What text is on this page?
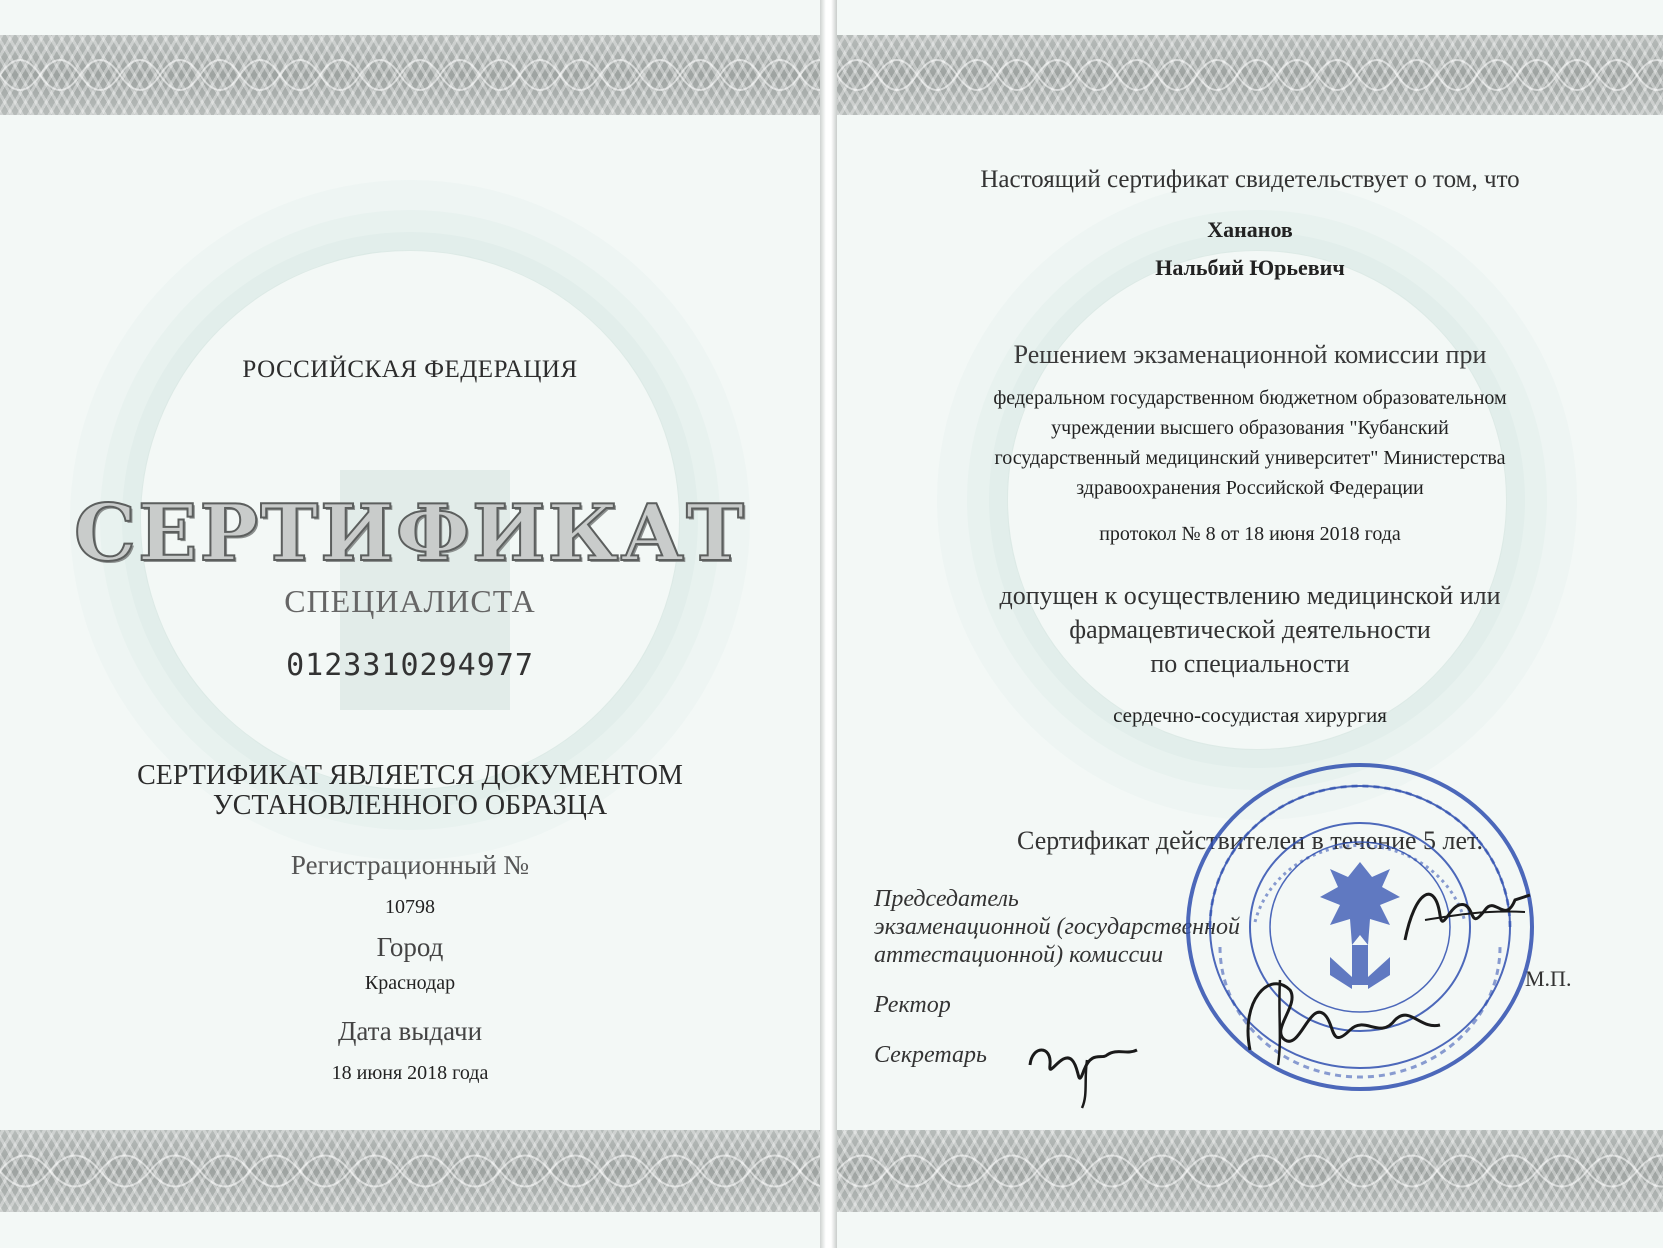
РОССИЙСКАЯ ФЕДЕРАЦИЯ
СЕРТИФИКАТ
СПЕЦИАЛИСТА
0123310294977
СЕРТИФИКАТ ЯВЛЯЕТСЯ ДОКУМЕНТОМ
УСТАНОВЛЕННОГО ОБРАЗЦА
Регистрационный №
10798
Город
Краснодар
Дата выдачи
18 июня 2018 года
Настоящий сертификат свидетельствует о том, что
Хананов
Нальбий Юрьевич
Решением экзаменационной комиссии при
федеральном государственном бюджетном образовательном
учреждении высшего образования "Кубанский
государственный медицинский университет" Министерства
здравоохранения Российской Федерации
протокол № 8 от 18 июня 2018 года
допущен к осуществлению медицинской или
фармацевтической деятельности
по специальности
сердечно-сосудистая хирургия
Сертификат действителен в течение 5 лет.
Председатель
экзаменационной (государственной
аттестационной) комиссии
Ректор
Секретарь
М.П.
